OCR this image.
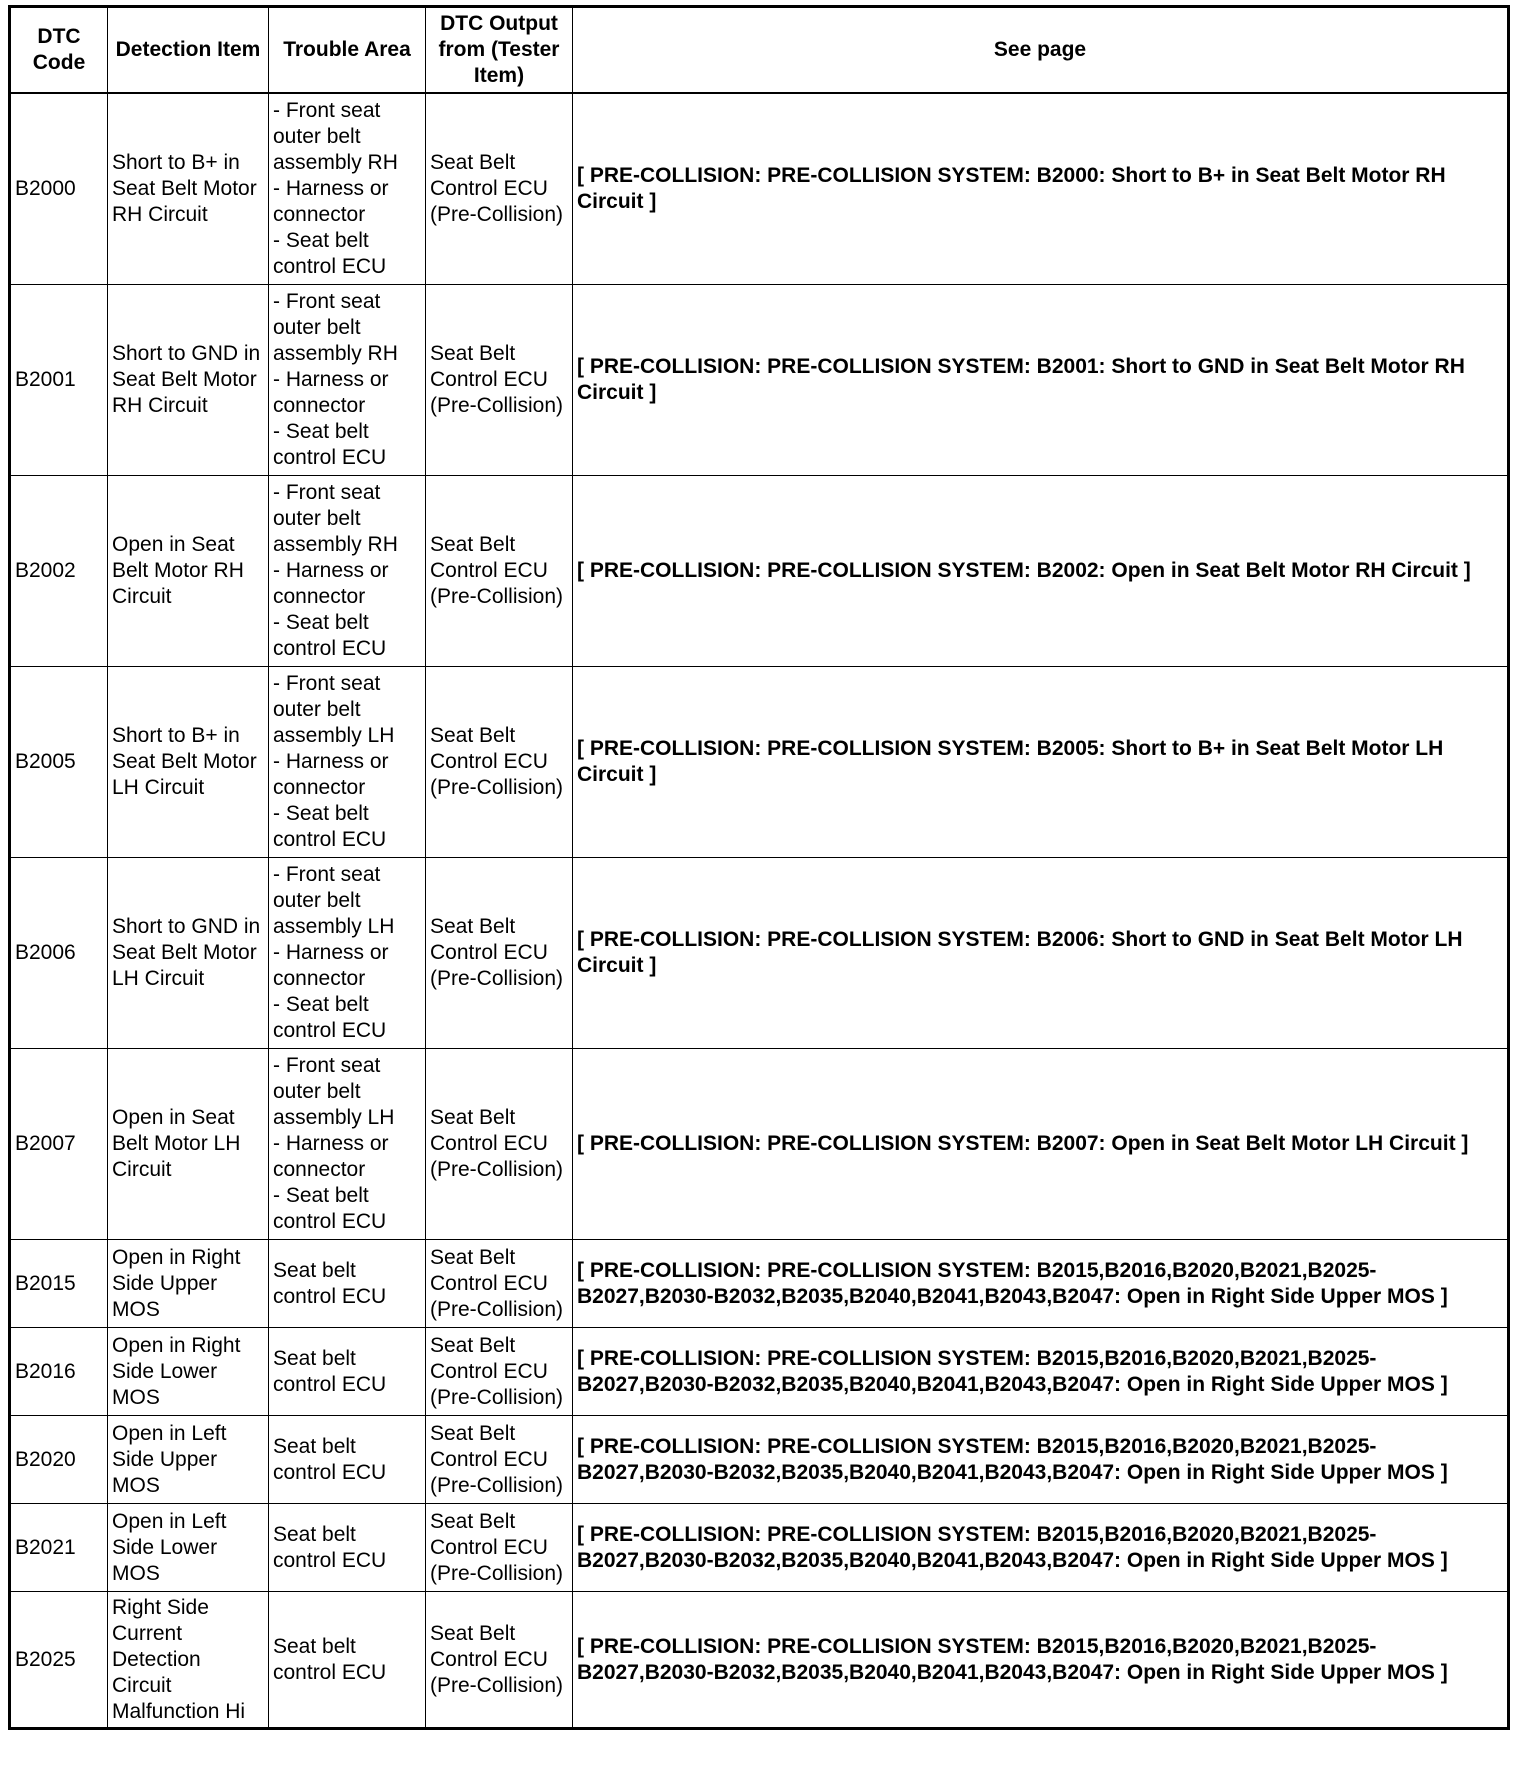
DTC Code	Detection Item	Trouble Area	DTC Output from (Tester Item)	See page
B2000	Short to B+ in Seat Belt Motor RH Circuit	- Front seat outer belt assembly RH
- Harness or connector
- Seat belt control ECU	Seat Belt Control ECU (Pre-Collision)	[ PRE-COLLISION: PRE-COLLISION SYSTEM: B2000: Short to B+ in Seat Belt Motor RH Circuit ]
B2001	Short to GND in Seat Belt Motor RH Circuit	- Front seat outer belt assembly RH
- Harness or connector
- Seat belt control ECU	Seat Belt Control ECU (Pre-Collision)	[ PRE-COLLISION: PRE-COLLISION SYSTEM: B2001: Short to GND in Seat Belt Motor RH Circuit ]
B2002	Open in Seat Belt Motor RH Circuit	- Front seat outer belt assembly RH
- Harness or connector
- Seat belt control ECU	Seat Belt Control ECU (Pre-Collision)	[ PRE-COLLISION: PRE-COLLISION SYSTEM: B2002: Open in Seat Belt Motor RH Circuit ]
B2005	Short to B+ in Seat Belt Motor LH Circuit	- Front seat outer belt assembly LH
- Harness or connector
- Seat belt control ECU	Seat Belt Control ECU (Pre-Collision)	[ PRE-COLLISION: PRE-COLLISION SYSTEM: B2005: Short to B+ in Seat Belt Motor LH Circuit ]
B2006	Short to GND in Seat Belt Motor LH Circuit	- Front seat outer belt assembly LH
- Harness or connector
- Seat belt control ECU	Seat Belt Control ECU (Pre-Collision)	[ PRE-COLLISION: PRE-COLLISION SYSTEM: B2006: Short to GND in Seat Belt Motor LH Circuit ]
B2007	Open in Seat Belt Motor LH Circuit	- Front seat outer belt assembly LH
- Harness or connector
- Seat belt control ECU	Seat Belt Control ECU (Pre-Collision)	[ PRE-COLLISION: PRE-COLLISION SYSTEM: B2007: Open in Seat Belt Motor LH Circuit ]
B2015	Open in Right Side Upper MOS	Seat belt control ECU	Seat Belt Control ECU (Pre-Collision)	[ PRE-COLLISION: PRE-COLLISION SYSTEM: B2015,B2016,B2020,B2021,B2025-B2027,B2030-B2032,B2035,B2040,B2041,B2043,B2047: Open in Right Side Upper MOS ]
B2016	Open in Right Side Lower MOS	Seat belt control ECU	Seat Belt Control ECU (Pre-Collision)	[ PRE-COLLISION: PRE-COLLISION SYSTEM: B2015,B2016,B2020,B2021,B2025-B2027,B2030-B2032,B2035,B2040,B2041,B2043,B2047: Open in Right Side Upper MOS ]
B2020	Open in Left Side Upper MOS	Seat belt control ECU	Seat Belt Control ECU (Pre-Collision)	[ PRE-COLLISION: PRE-COLLISION SYSTEM: B2015,B2016,B2020,B2021,B2025-B2027,B2030-B2032,B2035,B2040,B2041,B2043,B2047: Open in Right Side Upper MOS ]
B2021	Open in Left Side Lower MOS	Seat belt control ECU	Seat Belt Control ECU (Pre-Collision)	[ PRE-COLLISION: PRE-COLLISION SYSTEM: B2015,B2016,B2020,B2021,B2025-B2027,B2030-B2032,B2035,B2040,B2041,B2043,B2047: Open in Right Side Upper MOS ]
B2025	Right Side Current Detection Circuit Malfunction Hi	Seat belt control ECU	Seat Belt Control ECU (Pre-Collision)	[ PRE-COLLISION: PRE-COLLISION SYSTEM: B2015,B2016,B2020,B2021,B2025-B2027,B2030-B2032,B2035,B2040,B2041,B2043,B2047: Open in Right Side Upper MOS ]
